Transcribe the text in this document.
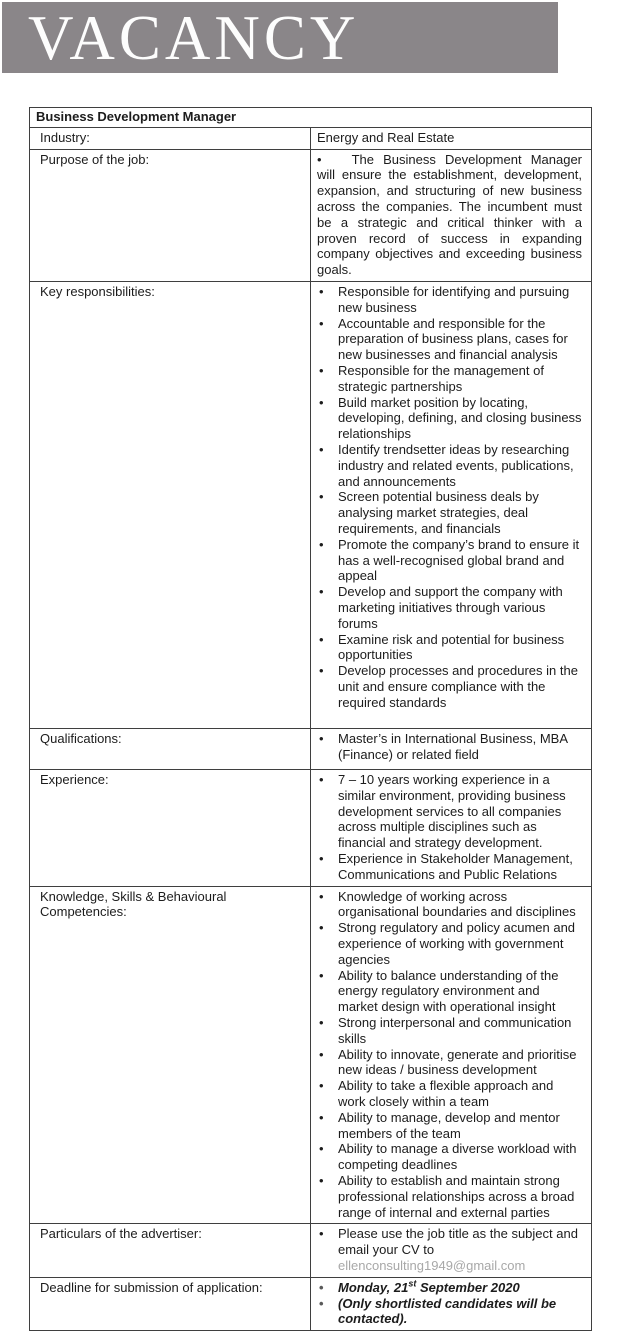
VACANCY
Business Development Manager	
Industry:	Energy and Real Estate
Purpose of the job:	• The Business Development Manager will ensure the establishment, development, expansion, and structuring of new business across the companies. The incumbent must be a strategic and critical thinker with a proven record of success in expanding company objectives and exceeding business goals.

Key responsibilities:	
•Responsible for identifying and pursuing new business
• Accountable and responsible for the preparation of business plans, cases for new businesses and financial analysis
• Responsible for the management of strategic partnerships
• Build market position by locating, developing, defining, and closing business relationships
• Identify trendsetter ideas by researching industry and related events, publications, and announcements
• Screen potential business deals by analysing market strategies, deal requirements, and financials
• Promote the company’s brand to ensure it has a well-recognised global brand and appeal
• Develop and support the company with marketing initiatives through various forums
• Examine risk and potential for business opportunities
• Develop processes and procedures in the unit and ensure compliance with the required standards

Qualifications:	
•Master’s in International Business, MBA (Finance) or related field

Experience:	
•7 – 10 years working experience in a similar environment, providing business development services to all companies across multiple disciplines such as financial and strategy development.
• Experience in Stakeholder Management, Communications and Public Relations

Knowledge, Skills & Behavioural Competencies:	
• Knowledge of working across organisational boundaries and disciplines
• Strong regulatory and policy acumen and experience of working with government agencies
• Ability to balance understanding of the energy regulatory environment and market design with operational insight
• Strong interpersonal and communication skills
• Ability to innovate, generate and prioritise new ideas / business development
• Ability to take a flexible approach and work closely within a team
• Ability to manage, develop and mentor members of the team
• Ability to manage a diverse workload with competing deadlines
• Ability to establish and maintain strong professional relationships across a broad range of internal and external parties

Particulars of the advertiser:	
•Please use the job title as the subject and email your CV to ellenconsulting1949@gmail.com

Deadline for submission of application:	
•Monday, 21st September 2020
• (Only shortlisted candidates will be contacted).
